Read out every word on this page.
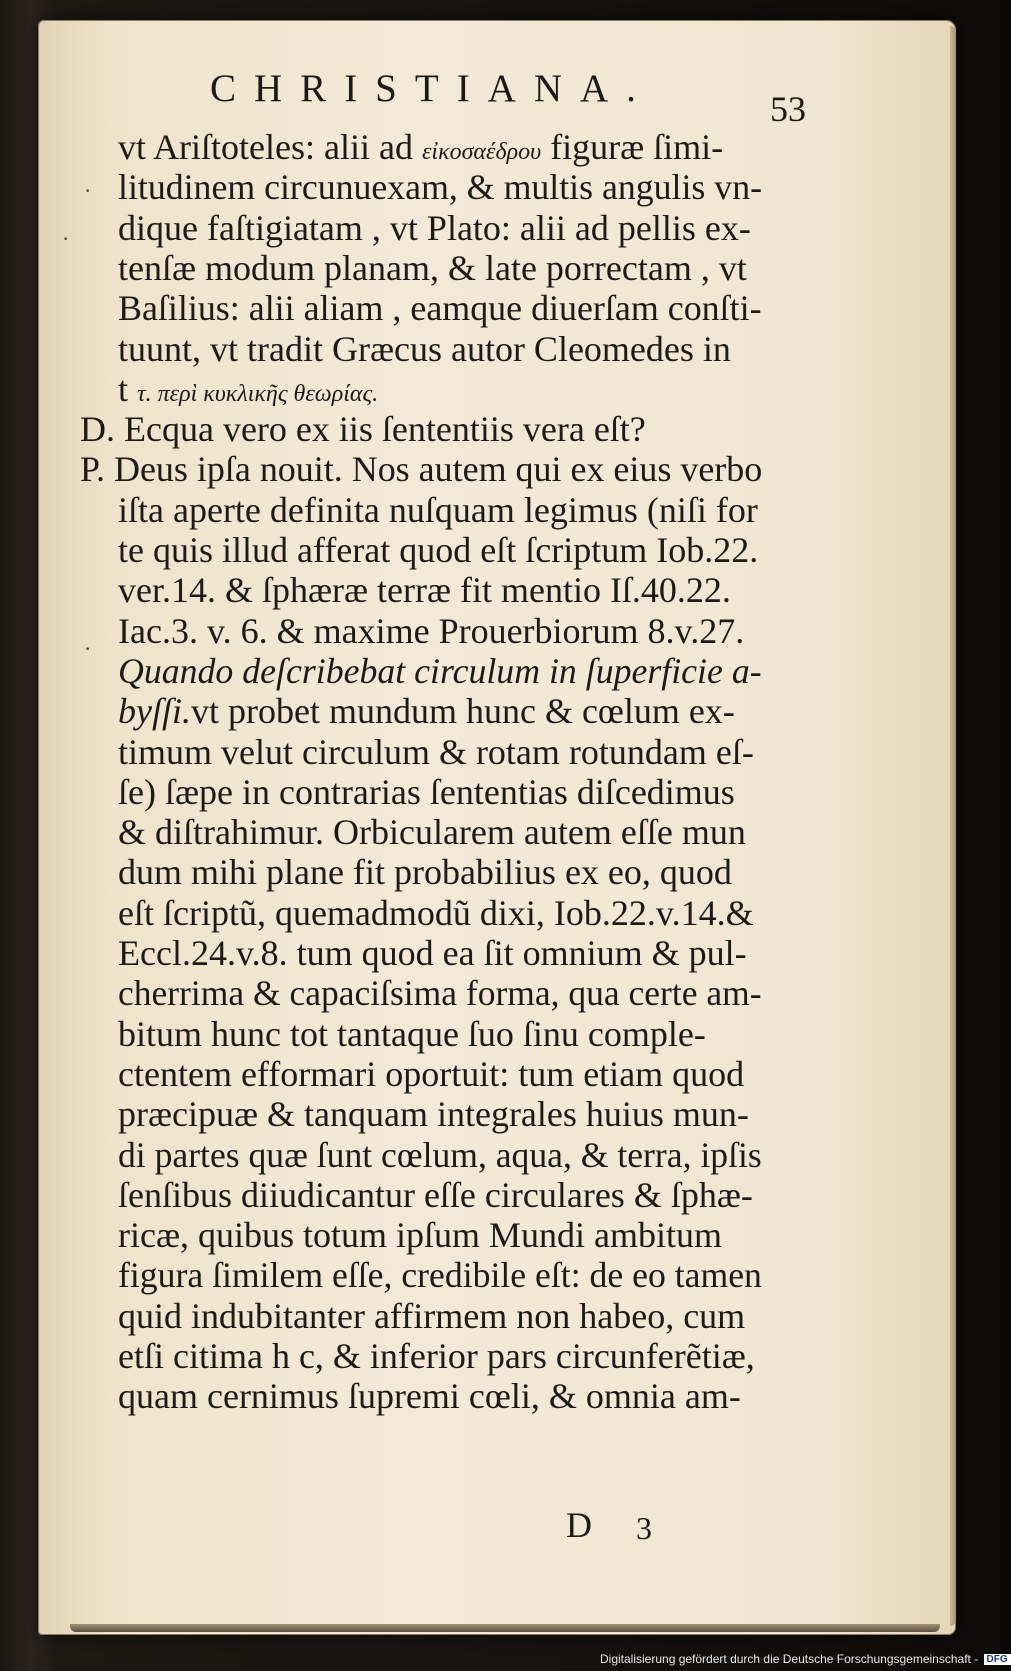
CHRISTIANA.	53
·
·
·
vt Ariſtoteles: alii ad εἰκοσαέδρου figuræ ſimi-
litudinem circunuexam, & multis angulis vn-
dique faſtigiatam , vt Plato: alii ad pellis ex-
tenſæ modum planam, & late porrectam , vt
Baſilius: alii aliam , eamque diuerſam conſti-
tuunt, vt tradit Græcus autor Cleomedes in
t τ. περὶ κυκλικῆς θεωρίας.
D. Ecqua vero ex iis ſententiis vera eſt?
P. Deus ipſa nouit. Nos autem qui ex eius verbo
iſta aperte definita nuſquam legimus (niſi for
te quis illud afferat quod eſt ſcriptum Iob.22.
ver.14. & ſphæræ terræ fit mentio Iſ.40.22.
Iac.3. v. 6. & maxime Prouerbiorum 8.v.27.
Quando deſcribebat circulum in ſuperficie a-
byſſi.vt probet mundum hunc & cœlum ex-
timum velut circulum & rotam rotundam eſ-
ſe) ſæpe in contrarias ſententias diſcedimus
& diſtrahimur. Orbicularem autem eſſe mun
dum mihi plane fit probabilius ex eo, quod
eſt ſcriptũ, quemadmodũ dixi, Iob.22.v.14.&
Eccl.24.v.8. tum quod ea ſit omnium & pul-
cherrima & capaciſsima forma, qua certe am-
bitum hunc tot tantaque ſuo ſinu comple-
ctentem efformari oportuit: tum etiam quod
præcipuæ & tanquam integrales huius mun-
di partes quæ ſunt cœlum, aqua, & terra, ipſis
ſenſibus diiudicantur eſſe circulares & ſphæ-
ricæ, quibus totum ipſum Mundi ambitum
figura ſimilem eſſe, credibile eſt: de eo tamen
quid indubitanter affirmem non habeo, cum
etſi citima h c, & inferior pars circunferẽtiæ,
quam cernimus ſupremi cœli, & omnia am-
D 3
Digitalisierung gefördert durch die Deutsche Forschungsgemeinschaft - DFG
